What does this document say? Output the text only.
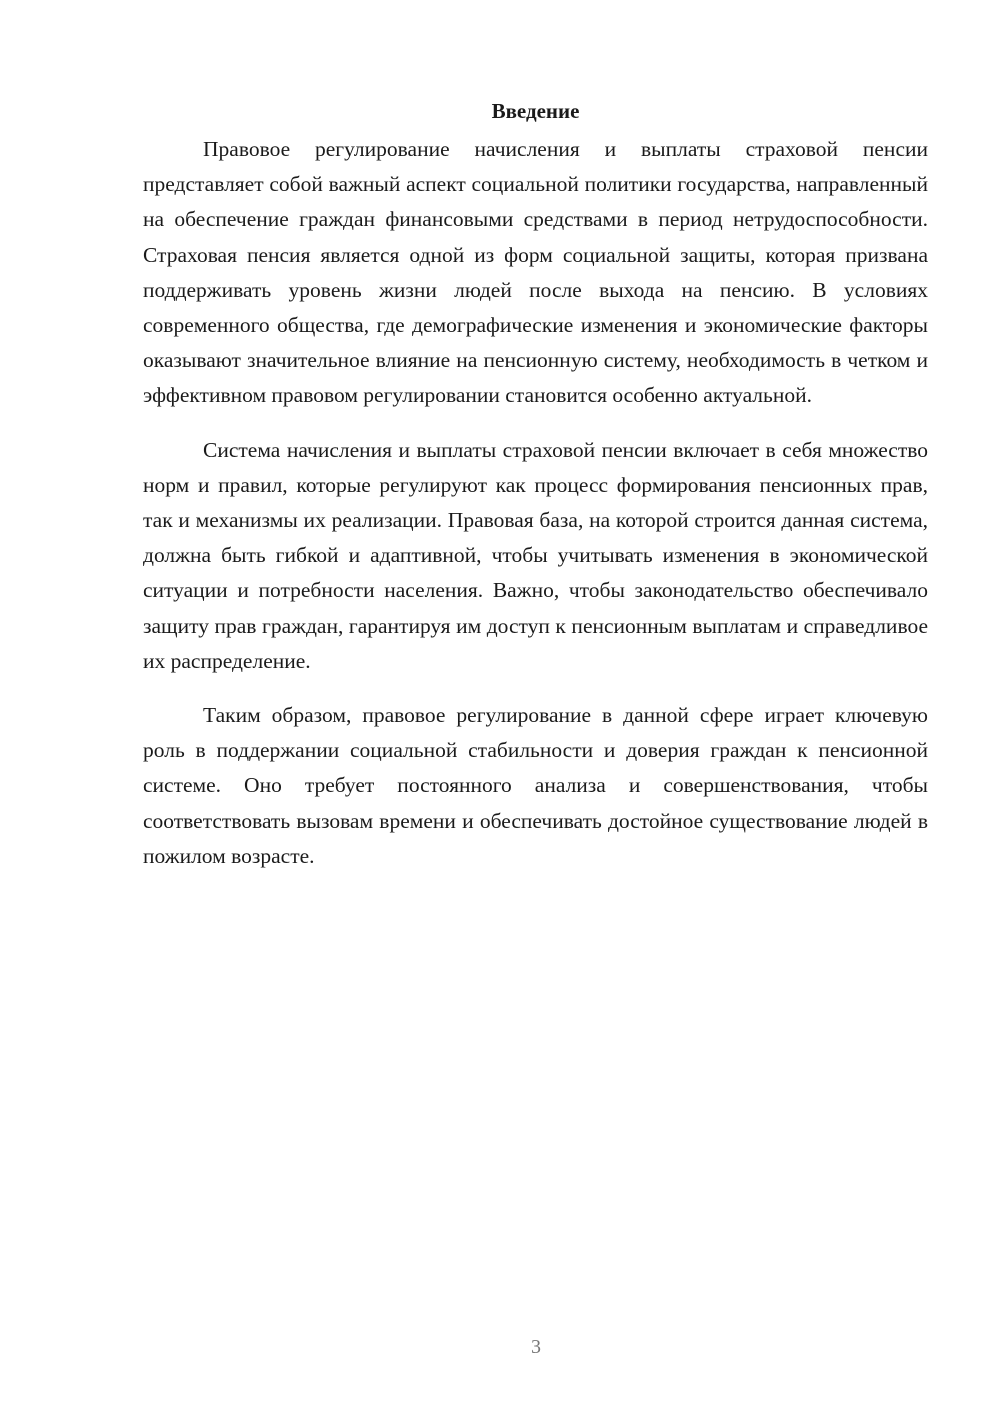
Введение

Правовое регулирование начисления и выплаты страховой пенсии представляет собой важный аспект социальной политики государства, направленный на обеспечение граждан финансовыми средствами в период нетрудоспособности. Страховая пенсия является одной из форм социальной защиты, которая призвана поддерживать уровень жизни людей после выхода на пенсию. В условиях современного общества, где демографические изменения и экономические факторы оказывают значительное влияние на пенсионную систему, необходимость в четком и эффективном правовом регулировании становится особенно актуальной.

Система начисления и выплаты страховой пенсии включает в себя множество норм и правил, которые регулируют как процесс формирования пенсионных прав, так и механизмы их реализации. Правовая база, на которой строится данная система, должна быть гибкой и адаптивной, чтобы учитывать изменения в экономической ситуации и потребности населения. Важно, чтобы законодательство обеспечивало защиту прав граждан, гарантируя им доступ к пенсионным выплатам и справедливое их распределение.

Таким образом, правовое регулирование в данной сфере играет ключевую роль в поддержании социальной стабильности и доверия граждан к пенсионной системе. Оно требует постоянного анализа и совершенствования, чтобы соответствовать вызовам времени и обеспечивать достойное существование людей в пожилом возрасте.

3
